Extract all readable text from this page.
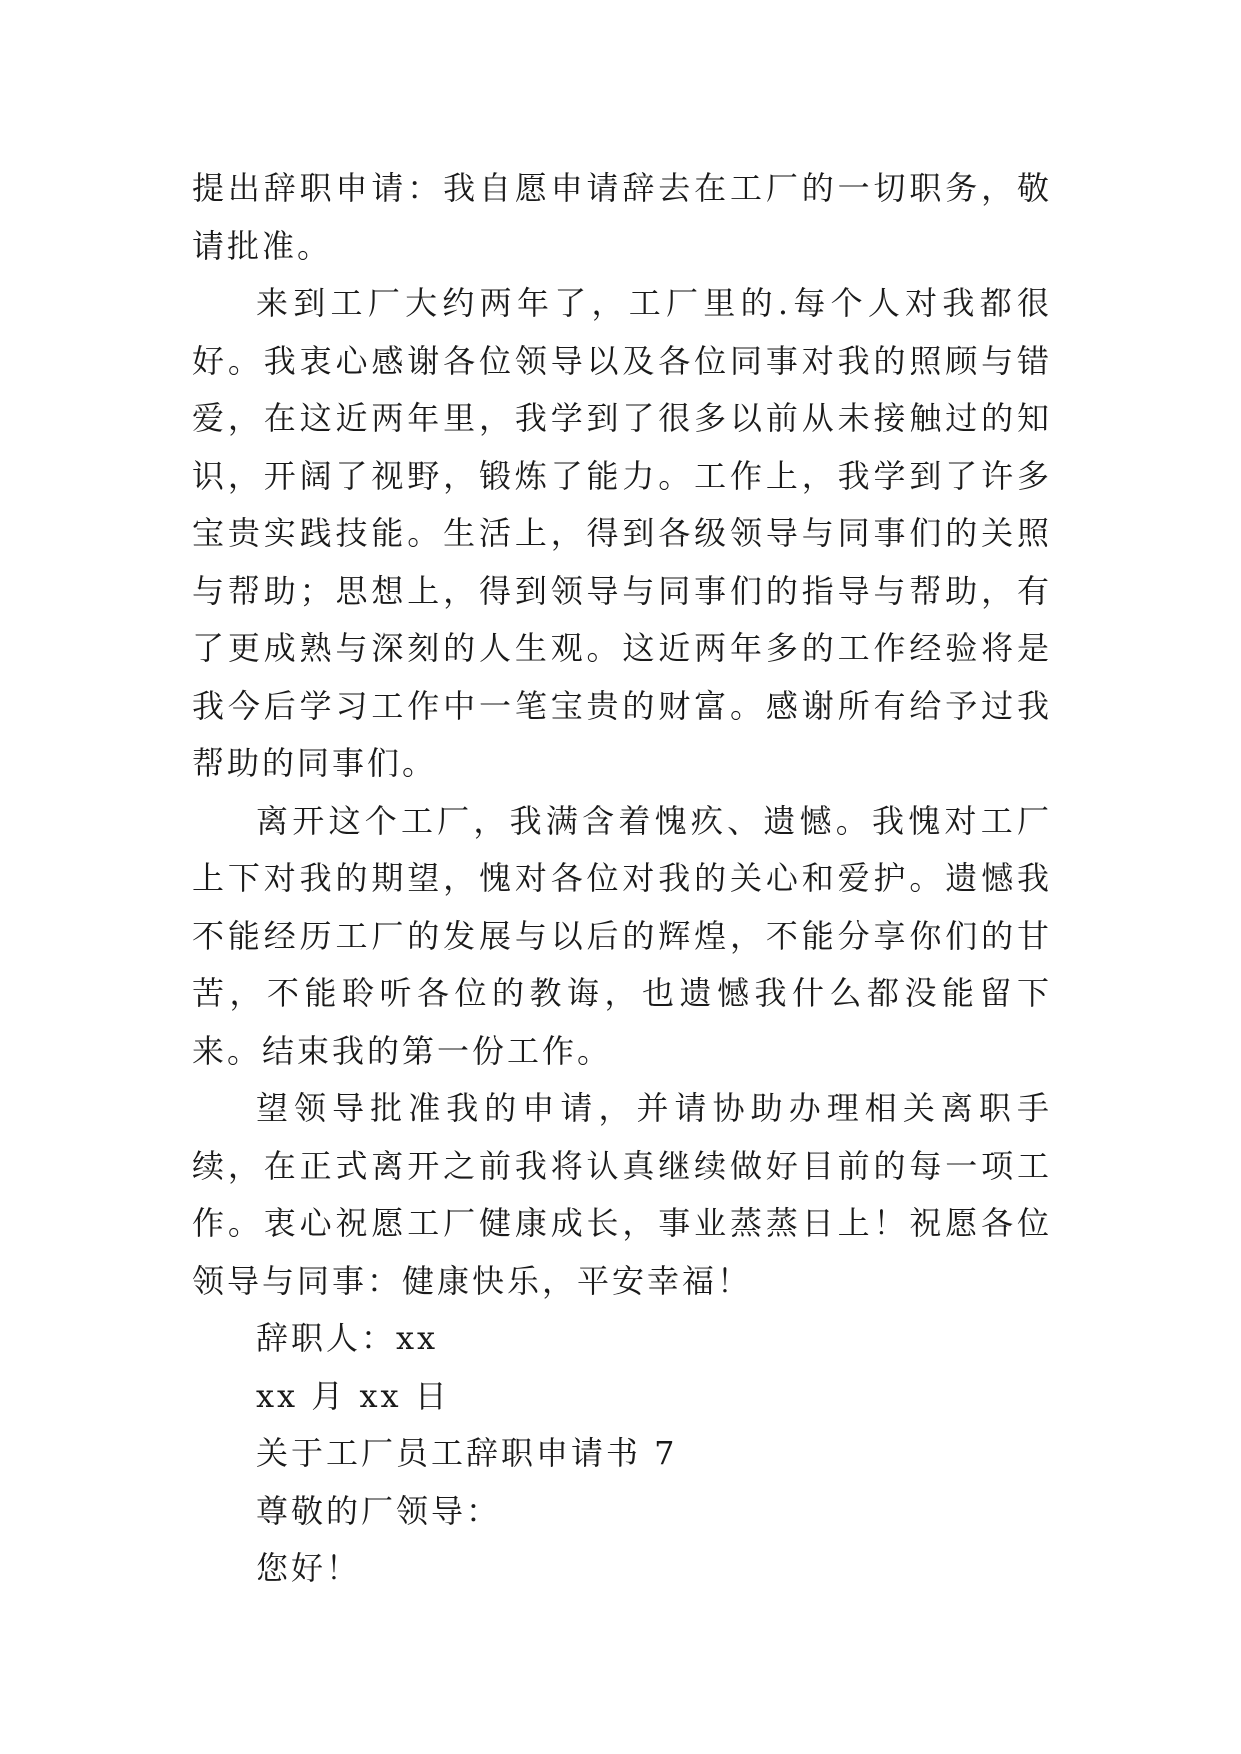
提出辞职申请：我自愿申请辞去在工厂的一切职务，敬请批准。

来到工厂大约两年了，工厂里的.每个人对我都很好。我衷心感谢各位领导以及各位同事对我的照顾与错爱，在这近两年里，我学到了很多以前从未接触过的知识，开阔了视野，锻炼了能力。工作上，我学到了许多宝贵实践技能。生活上，得到各级领导与同事们的关照与帮助；思想上，得到领导与同事们的指导与帮助，有了更成熟与深刻的人生观。这近两年多的工作经验将是我今后学习工作中一笔宝贵的财富。感谢所有给予过我帮助的同事们。

离开这个工厂，我满含着愧疚、遗憾。我愧对工厂上下对我的期望，愧对各位对我的关心和爱护。遗憾我不能经历工厂的发展与以后的辉煌，不能分享你们的甘苦，不能聆听各位的教诲，也遗憾我什么都没能留下来。结束我的第一份工作。

望领导批准我的申请，并请协助办理相关离职手续，在正式离开之前我将认真继续做好目前的每一项工作。衷心祝愿工厂健康成长，事业蒸蒸日上！祝愿各位领导与同事：健康快乐，平安幸福！

辞职人：xx

xx 月 xx 日

关于工厂员工辞职申请书 7

尊敬的厂领导：

您好！
